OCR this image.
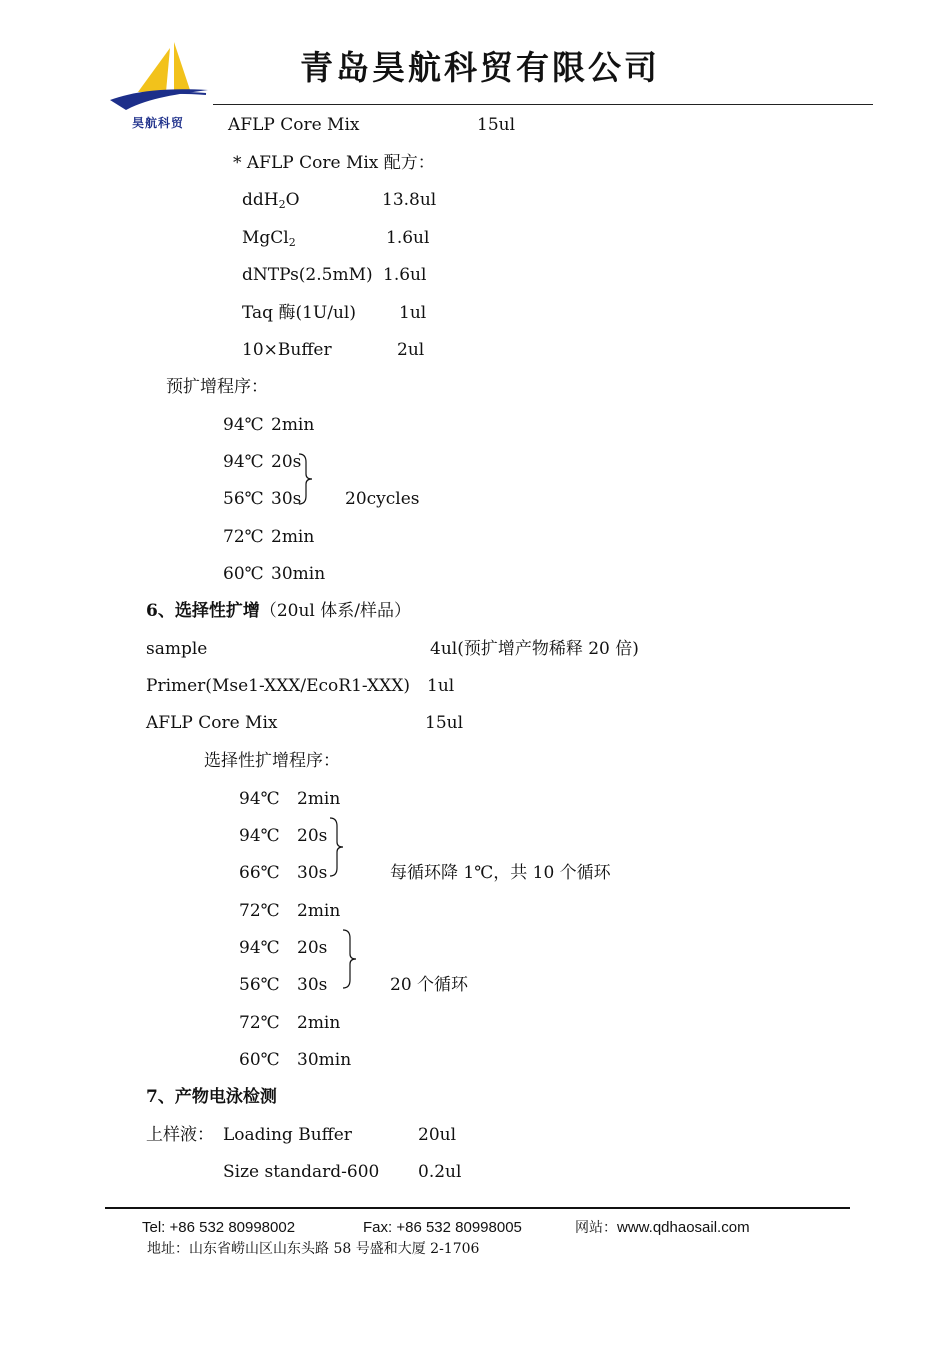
昊航科贸
青岛昊航科贸有限公司
AFLP Core Mix	15ul
* AFLP Core Mix 配方：
ddH$_2$O	13.8ul
MgCl$_2$	1.6ul
dNTPs(2.5mM) 1.6ul
Taq 酶(1U/ul)	1ul
10×Buffer	2ul
预扩增程序：
94℃ 2min
94℃ 20s
56℃ 30s	20cycles
72℃ 2min
60℃ 30min
6、选择性扩增（20ul 体系/样品）
sample	4ul(预扩增产物稀释 20 倍)
Primer(Mse1-XXX/EcoR1-XXX) 1ul
AFLP Core Mix	15ul
选择性扩增程序：
94℃ 2min
94℃ 20s
66℃ 30s	每循环降 1℃，共 10 个循环
72℃ 2min
94℃ 20s
56℃ 30s	20 个循环
72℃ 2min
60℃ 30min
7、产物电泳检测
上样液： Loading Buffer	20ul
Size standard-600 0.2ul
Tel: +86 532 80998002	Fax: +86 532 80998005	网站：www.qdhaosail.com
地址：山东省崂山区山东头路 58 号盛和大厦 2-1706
